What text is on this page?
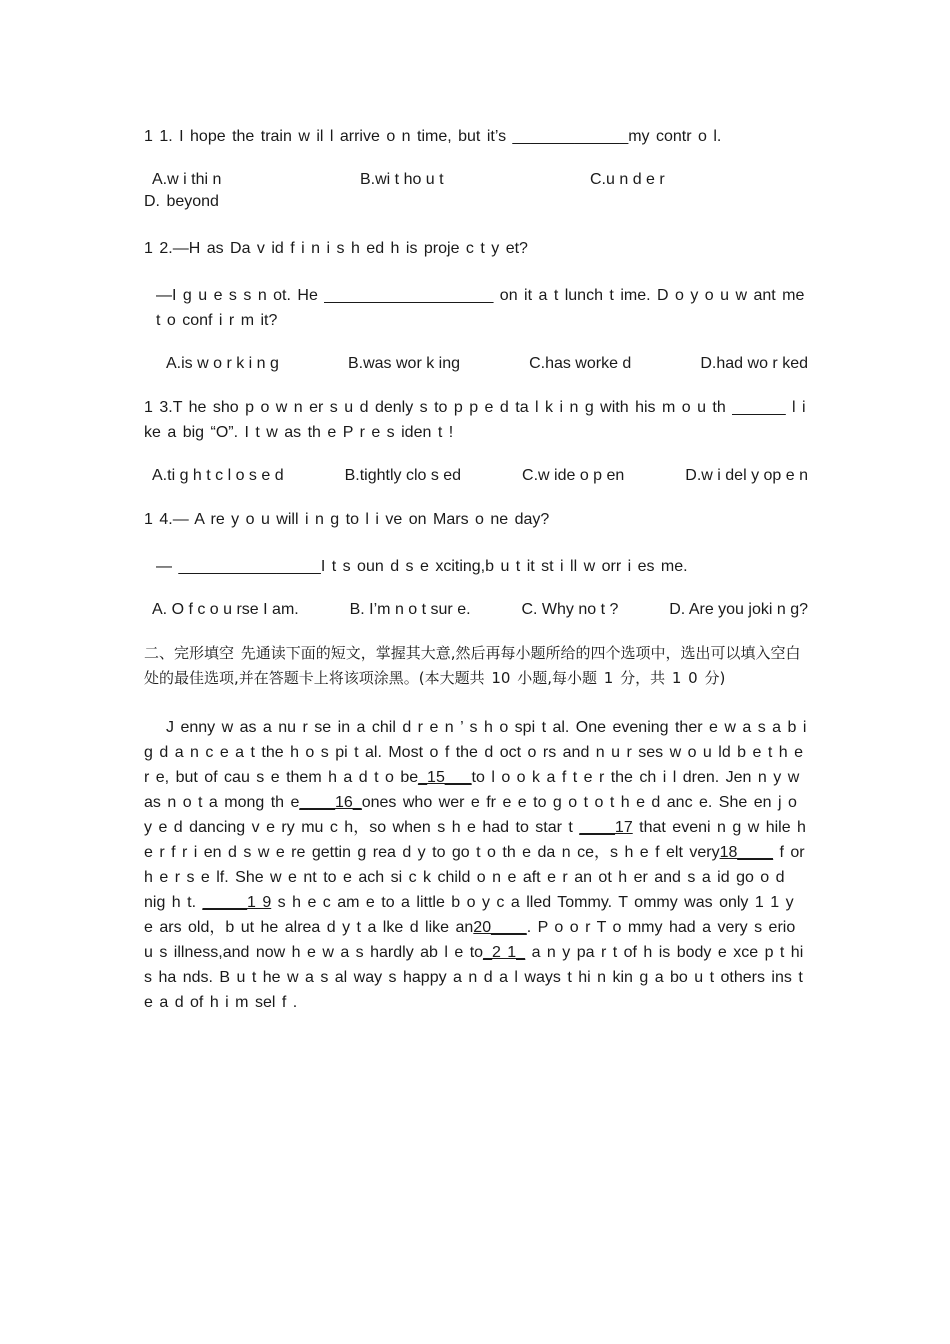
1 1. I hope the train w il l arrive o n time, but it’s _____________my contr o l.

A.w i thi n	B.wi t ho u t	C.u n d e r

D. beyond

1 2.—H as Da v id f i n i s h ed h is proje c t y et?

—I g u e s s n ot. He ___________________ on it a t lunch t ime. D o y o u w ant me t o conf i r m it?

A.is w o r k i n g	B.was wor k ing	C.has worke d	D.had wo r ked

1 3.T he sho p o w n er s u d denly s to p p e d ta l k i n g with his m o u th ______ l i ke a big “O”. I t w as th e P r e s iden t !

A.ti g h t c l o s e d	B.tightly clo s ed	C.w ide o p en	D.w i del y op e n

1 4.— A re y o u will i n g to l i ve on Mars o ne day?

— ________________I t s oun d s e xciting,b u t it st i ll w orr i es me.

A. O f c o u rse I am.	B. I’m n o t sur e.	C. Why no t ?	D. Are you joki n g?

二、完形填空 先通读下面的短文，掌握其大意,然后再每小题所给的四个选项中，选出可以填入空白处的最佳选项,并在答题卡上将该项涂黑。(本大题共 10 小题,每小题 1 分，共 1 0 分)

J enny w as a nu r se in a chil d r e n ’ s h o spi t al. One evening ther e w a s a b i g d a n c e a t the h o s pi t al. Most o f the d oct o rs and n u r ses w o u ld b e t h e r e, but of cau s e them h a d t o be_15___to l o o k a f t e r the ch i l dren. Jen n y w as n o t a mong th e____16_ones who wer e fr e e to g o t o t h e d anc e. She en j o y e d dancing v e ry mu c h，so when s h e had to star t ____17 that eveni n g w hile h e r f r i en d s w e re gettin g rea d y to go t o th e da n ce，s h e f elt very18____ f or h e r s e lf. She w e nt to e ach si c k child o n e aft e r an ot h er and s a id go o d nig h t. _____1 9 s h e c am e to a little b o y c a lled Tommy. T ommy was only 1 1 y e ars old，b ut he alrea d y t a lke d like an20____. P o o r T o mmy had a very s erio u s illness,and now h e w a s hardly ab l e to_2 1_ a n y pa r t of h is body e xce p t hi s ha nds. B u t he w a s al way s happy a n d a l ways t hi n kin g a bo u t others ins t e a d of h i m sel f .
